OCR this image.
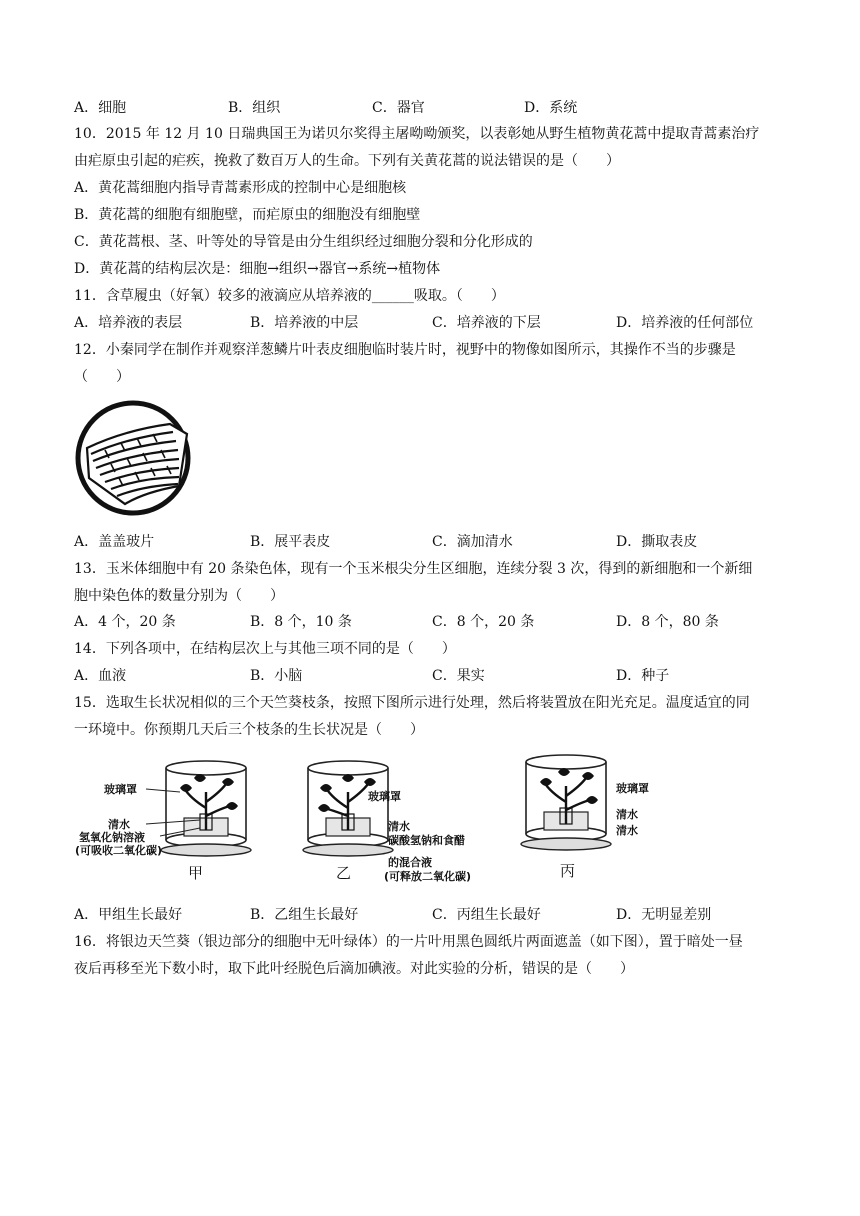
A．细胞	B．组织	C．器官	D．系统
10．2015 年 12 月 10 日瑞典国王为诺贝尔奖得主屠呦呦颁奖，以表彰她从野生植物黄花蒿中提取青蒿素治疗
由疟原虫引起的疟疾，挽救了数百万人的生命。下列有关黄花蒿的说法错误的是（　　）
A．黄花蒿细胞内指导青蒿素形成的控制中心是细胞核
B．黄花蒿的细胞有细胞壁，而疟原虫的细胞没有细胞壁
C．黄花蒿根、茎、叶等处的导管是由分生组织经过细胞分裂和分化形成的
D．黄花蒿的结构层次是：细胞→组织→器官→系统→植物体
11．含草履虫（好氧）较多的液滴应从培养液的______吸取。（　　）
A．培养液的表层	B．培养液的中层	C．培养液的下层	D．培养液的任何部位
12．小秦同学在制作并观察洋葱鳞片叶表皮细胞临时装片时，视野中的物像如图所示，其操作不当的步骤是
（　　）
A．盖盖玻片	B．展平表皮	C．滴加清水	D．撕取表皮
13．玉米体细胞中有 20 条染色体，现有一个玉米根尖分生区细胞，连续分裂 3 次，得到的新细胞和一个新细
胞中染色体的数量分别为（　　）
A．4 个，20 条	B．8 个，10 条	C．8 个，20 条	D．8 个，80 条
14．下列各项中，在结构层次上与其他三项不同的是（　　）
A．血液	B．小脑	C．果实	D．种子
15．选取生长状况相似的三个天竺葵枝条，按照下图所示进行处理，然后将装置放在阳光充足。温度适宜的同
一环境中。你预期几天后三个枝条的生长状况是（　　）
玻璃罩
清水
氢氧化钠溶液
(可吸收二氧化碳)
甲
玻璃罩
清水
碳酸氢钠和食醋
的混合液
(可释放二氧化碳)
乙
玻璃罩
清水
清水
丙
A．甲组生长最好	B．乙组生长最好	C．丙组生长最好	D．无明显差别
16．将银边天竺葵（银边部分的细胞中无叶绿体）的一片叶用黑色圆纸片两面遮盖（如下图），置于暗处一昼
夜后再移至光下数小时，取下此叶经脱色后滴加碘液。对此实验的分析，错误的是（　　）
